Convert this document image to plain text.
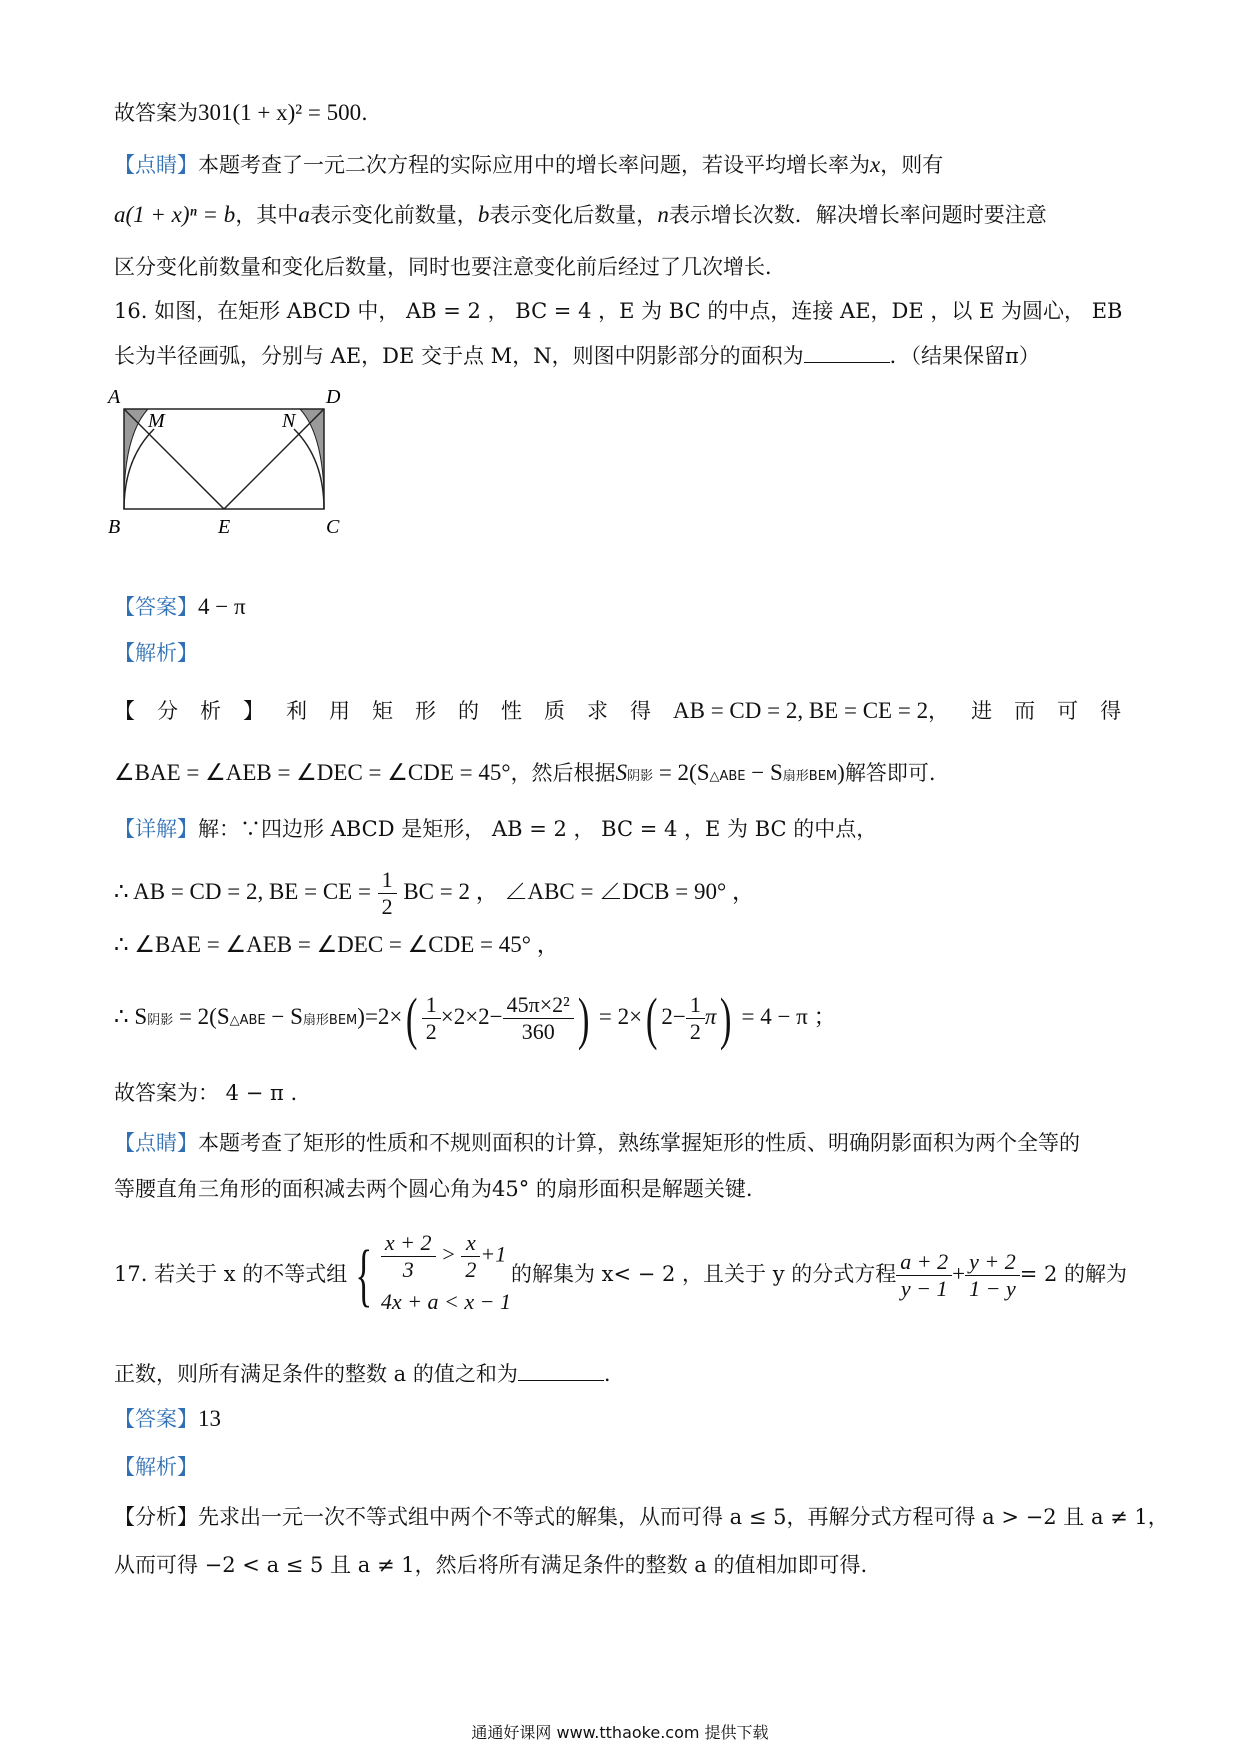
故答案为301(1 + x)² = 500.
【点睛】本题考查了一元二次方程的实际应用中的增长率问题，若设平均增长率为x，则有
a(1 + x)ⁿ = b，其中a表示变化前数量，b表示变化后数量，n表示增长次数．解决增长率问题时要注意
区分变化前数量和变化后数量，同时也要注意变化前后经过了几次增长．
16. 如图，在矩形 ABCD 中， AB = 2 ， BC = 4 ，E 为 BC 的中点，连接 AE，DE ，以 E 为圆心， EB
长为半径画弧，分别与 AE，DE 交于点 M，N，则图中阴影部分的面积为	．（结果保留π）
A	D
M	N
B	E	C
【答案】4 − π
【解析】
【分析】 利用矩形的性质求得 AB = CD = 2, BE = CE = 2 ，进而可得
∠BAE = ∠AEB = ∠DEC = ∠CDE = 45°，然后根据S阴影 = 2(S△ABE − S扇形BEM)解答即可.
【详解】解：∵四边形 ABCD 是矩形， AB = 2 ， BC = 4 ，E 为 BC 的中点，
∴ AB = CD = 2, BE = CE = $\frac{1}{2}$ BC = 2 ， ∠ABC = ∠DCB = 90° ，
∴ ∠BAE = ∠AEB = ∠DEC = ∠CDE = 45° ，
∴ S阴影 = 2(S△ABE − S扇形$BEM)=2\times( \frac{1}{2} \times 2\times 2- \frac{\text{45π×2²}}{360}$ ) = 2×( $2- \frac{1}{2} \pi) = 4 - \pi$ ；
故答案为： 4 − π .
【点睛】本题考查了矩形的性质和不规则面积的计算，熟练掌握矩形的性质、明确阴影面积为两个全等的
等腰直角三角形的面积减去两个圆心角为45° 的扇形面积是解题关键.
17. 若关于 x 的不等式组 { $\frac{x + 2}{3} > \frac{x}{2} +1$
4x + a < x − 1
的解集为 x< − 2 ，且关于 y 的分式方程 $\frac{a + 2}{y - 1} + \frac{y + 2}{1 - y} = 2$ 的解为
正数，则所有满足条件的整数 a 的值之和为	.
【答案】13
【解析】
【分析】先求出一元一次不等式组中两个不等式的解集，从而可得 a ≤ 5，再解分式方程可得 a > −2 且 a ≠ 1，
从而可得 −2 < a ≤ 5 且 a ≠ 1，然后将所有满足条件的整数 a 的值相加即可得.
通通好课网 www.tthaoke.com 提供下载
